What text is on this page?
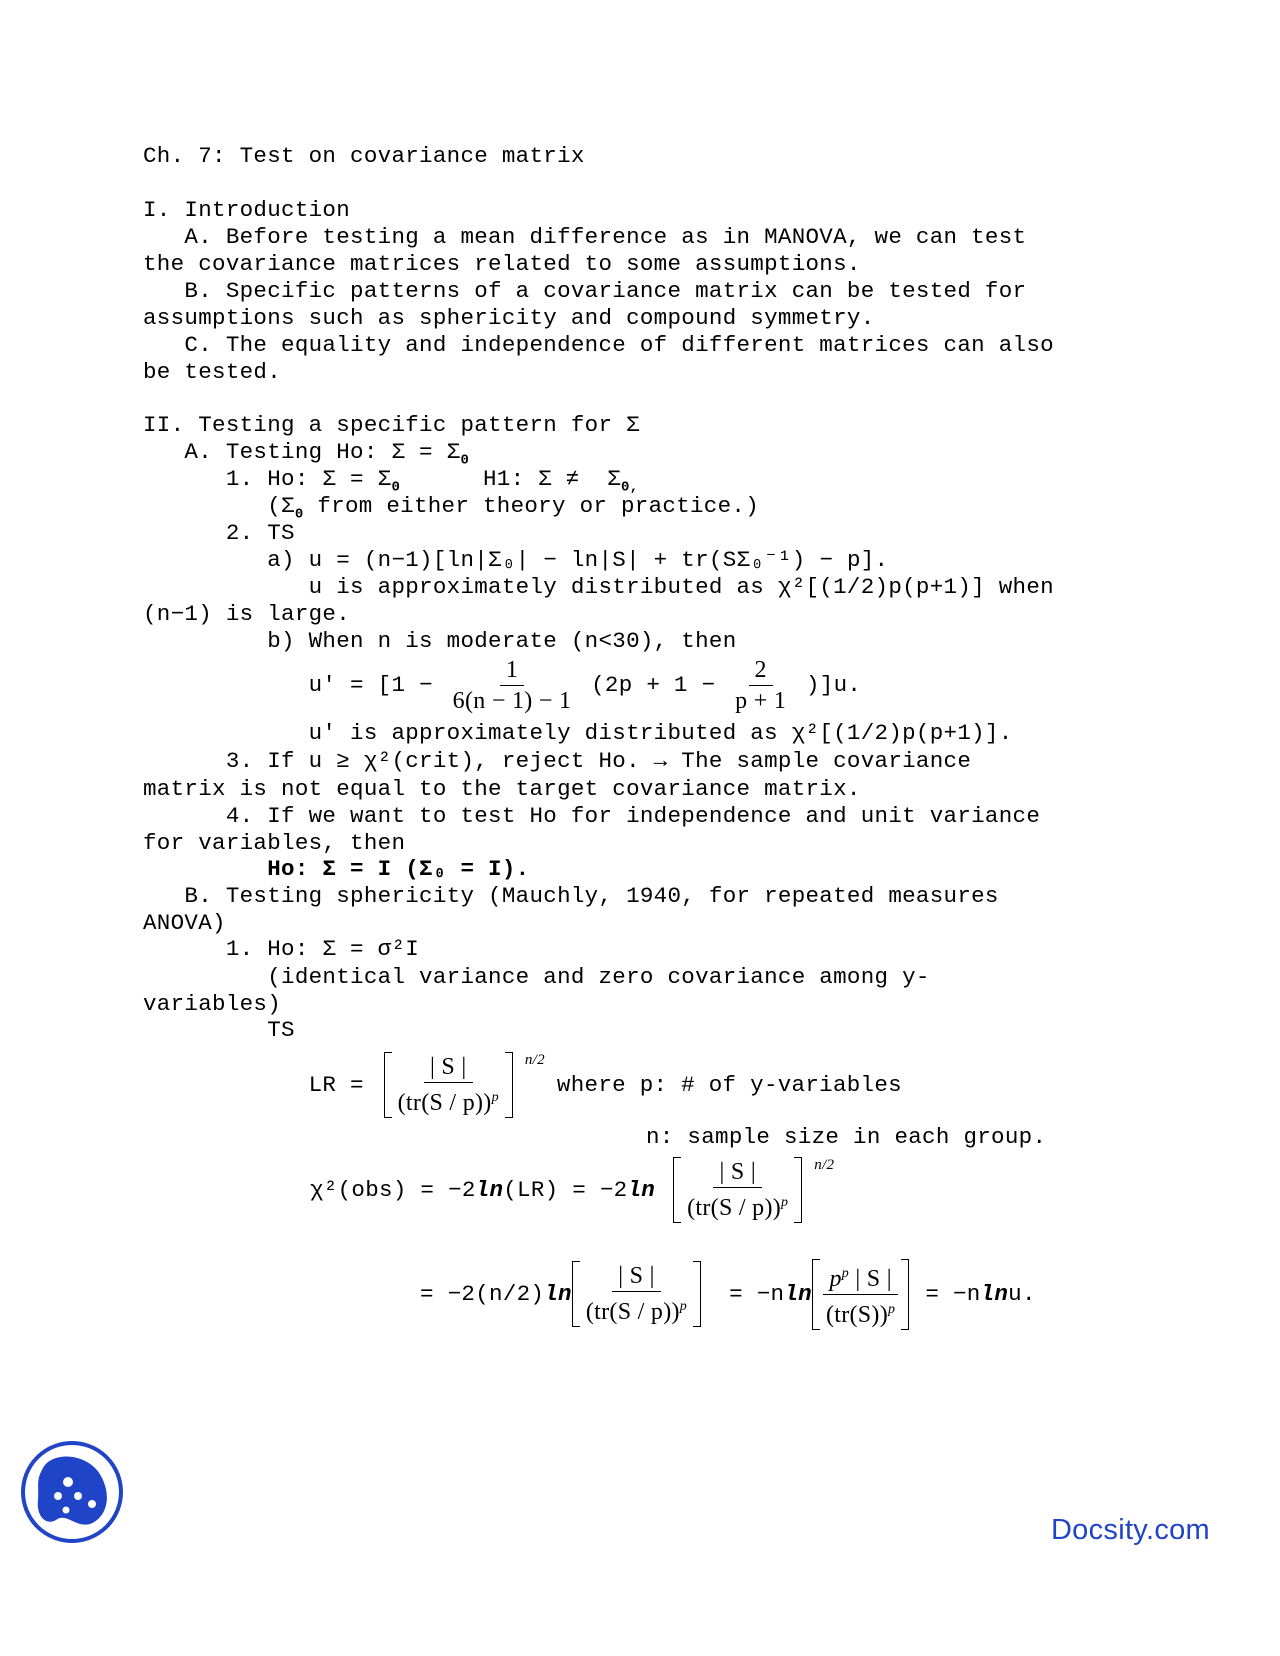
Ch. 7: Test on covariance matrix

I. Introduction

A. Before testing a mean difference as in MANOVA, we can test

the covariance matrices related to some assumptions.

B. Specific patterns of a covariance matrix can be tested for

assumptions such as sphericity and compound symmetry.

C. The equality and independence of different matrices can also

be tested.

II. Testing a specific pattern for Σ

A. Testing Ho: $\Sigma = \Sigma_0$

1. Ho: $\Sigma = \Sigma_0$      H1: $\Sigma \ne \Sigma_{0,}$

($\Sigma_0$ from either theory or practice.)

2. TS

a) u = (n−1)[ln|Σ₀| − ln|S| + tr(SΣ₀⁻¹) − p].

u is approximately distributed as χ²[(1/2)p(p+1)] when

(n−1) is large.

b) When n is moderate (n<30), then

$u' = [1 - \frac{1}{6(n - 1) - 1} (2p + 1 - \frac{2}{p + 1} )]u$.

u' is approximately distributed as χ²[(1/2)p(p+1)].

3. If u ≥ χ²(crit), reject Ho. → The sample covariance

matrix is not equal to the target covariance matrix.

4. If we want to test Ho for independence and unit variance

for variables, then

Ho: Σ = I (Σ₀ = I).

B. Testing sphericity (Mauchly, 1940, for repeated measures

ANOVA)

1. Ho: Σ = σ²I

(identical variance and zero covariance among y-

variables)

TS

LR = $\frac{| S |}{(tr(S / p))^p} n/2$
where p: # of y-variables

n: sample size in each group.

χ²(obs) = −2 ln (LR) = −2 $\ln \frac{| S |}{(tr(S / p))^p} n/2$

= −2(n/2) $\ln \frac{| S |}{(tr(S / p))^p} = -n$ $\ln \frac{p^p | S |}{(tr(S))^p} = -n$ ln u.

Docsity.com
